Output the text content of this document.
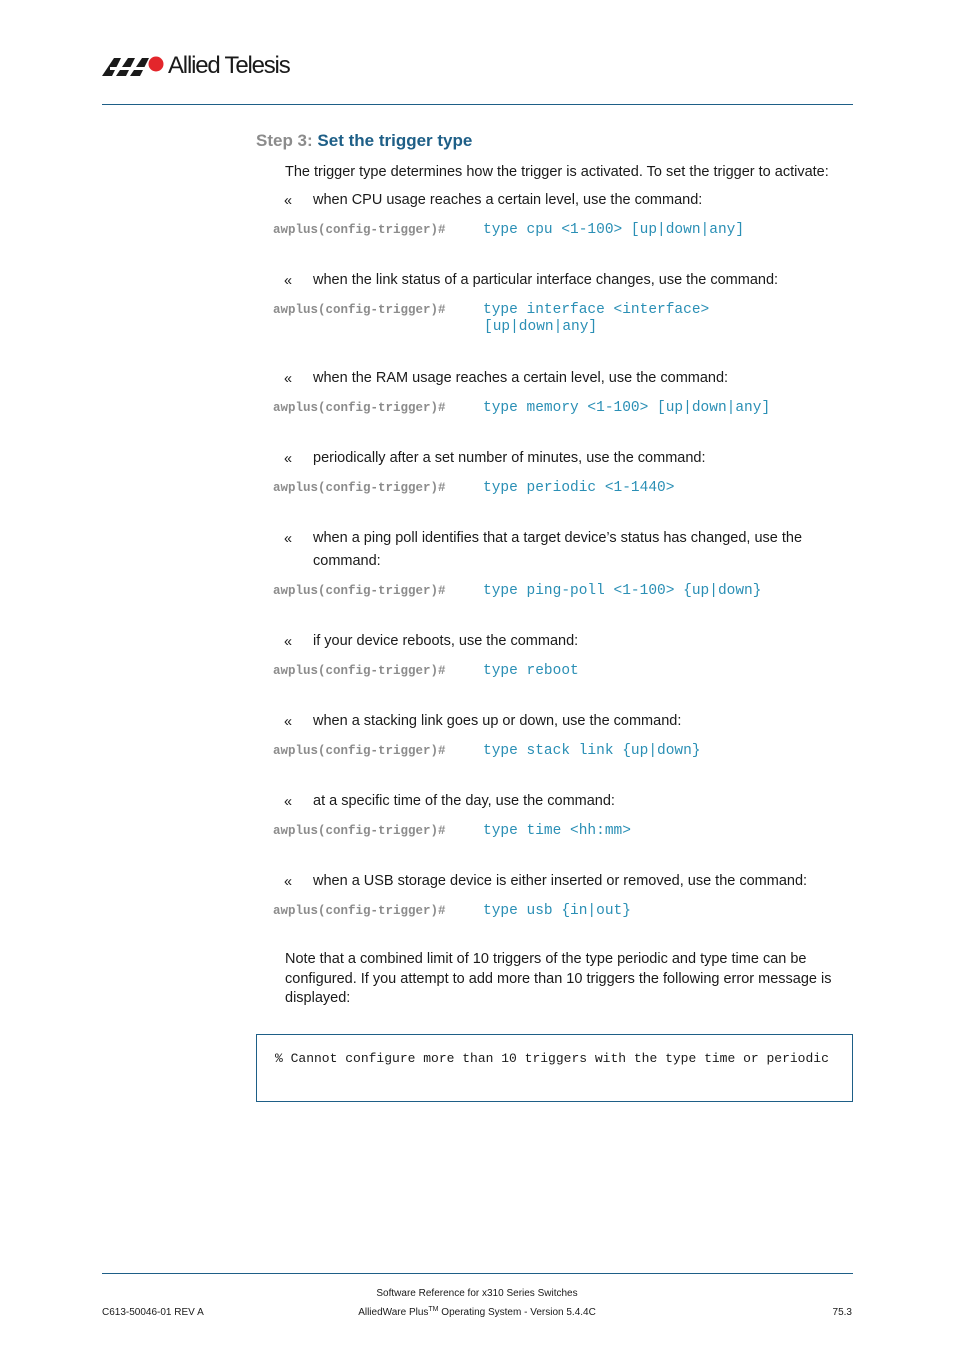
Allied Telesis
Step 3: Set the trigger type

The trigger type determines how the trigger is activated. To set the trigger to activate:

« when CPU usage reaches a certain level, use the command:

awplus(config-trigger)#	type cpu <1-100> [up|down|any]
« when the link status of a particular interface changes, use the command:

awplus(config-trigger)#	type interface <interface>
[up|down|any]
« when the RAM usage reaches a certain level, use the command:

awplus(config-trigger)#	type memory <1-100> [up|down|any]
« periodically after a set number of minutes, use the command:

awplus(config-trigger)#	type periodic <1-1440>
« when a ping poll identifies that a target device’s status has changed, use the command:

awplus(config-trigger)#	type ping-poll <1-100> {up|down}
« if your device reboots, use the command:

awplus(config-trigger)#	type reboot
« when a stacking link goes up or down, use the command:

awplus(config-trigger)#	type stack link {up|down}
« at a specific time of the day, use the command:

awplus(config-trigger)#	type time <hh:mm>
« when a USB storage device is either inserted or removed, use the command:

awplus(config-trigger)#	type usb {in|out}

Note that a combined limit of 10 triggers of the type periodic and type time can be configured. If you attempt to add more than 10 triggers the following error message is displayed:

% Cannot configure more than 10 triggers with the type time or periodic
Software Reference for x310 Series Switches
C613-50046-01 REV A	AlliedWare Plus™ Operating System - Version 5.4.4C	75.3
